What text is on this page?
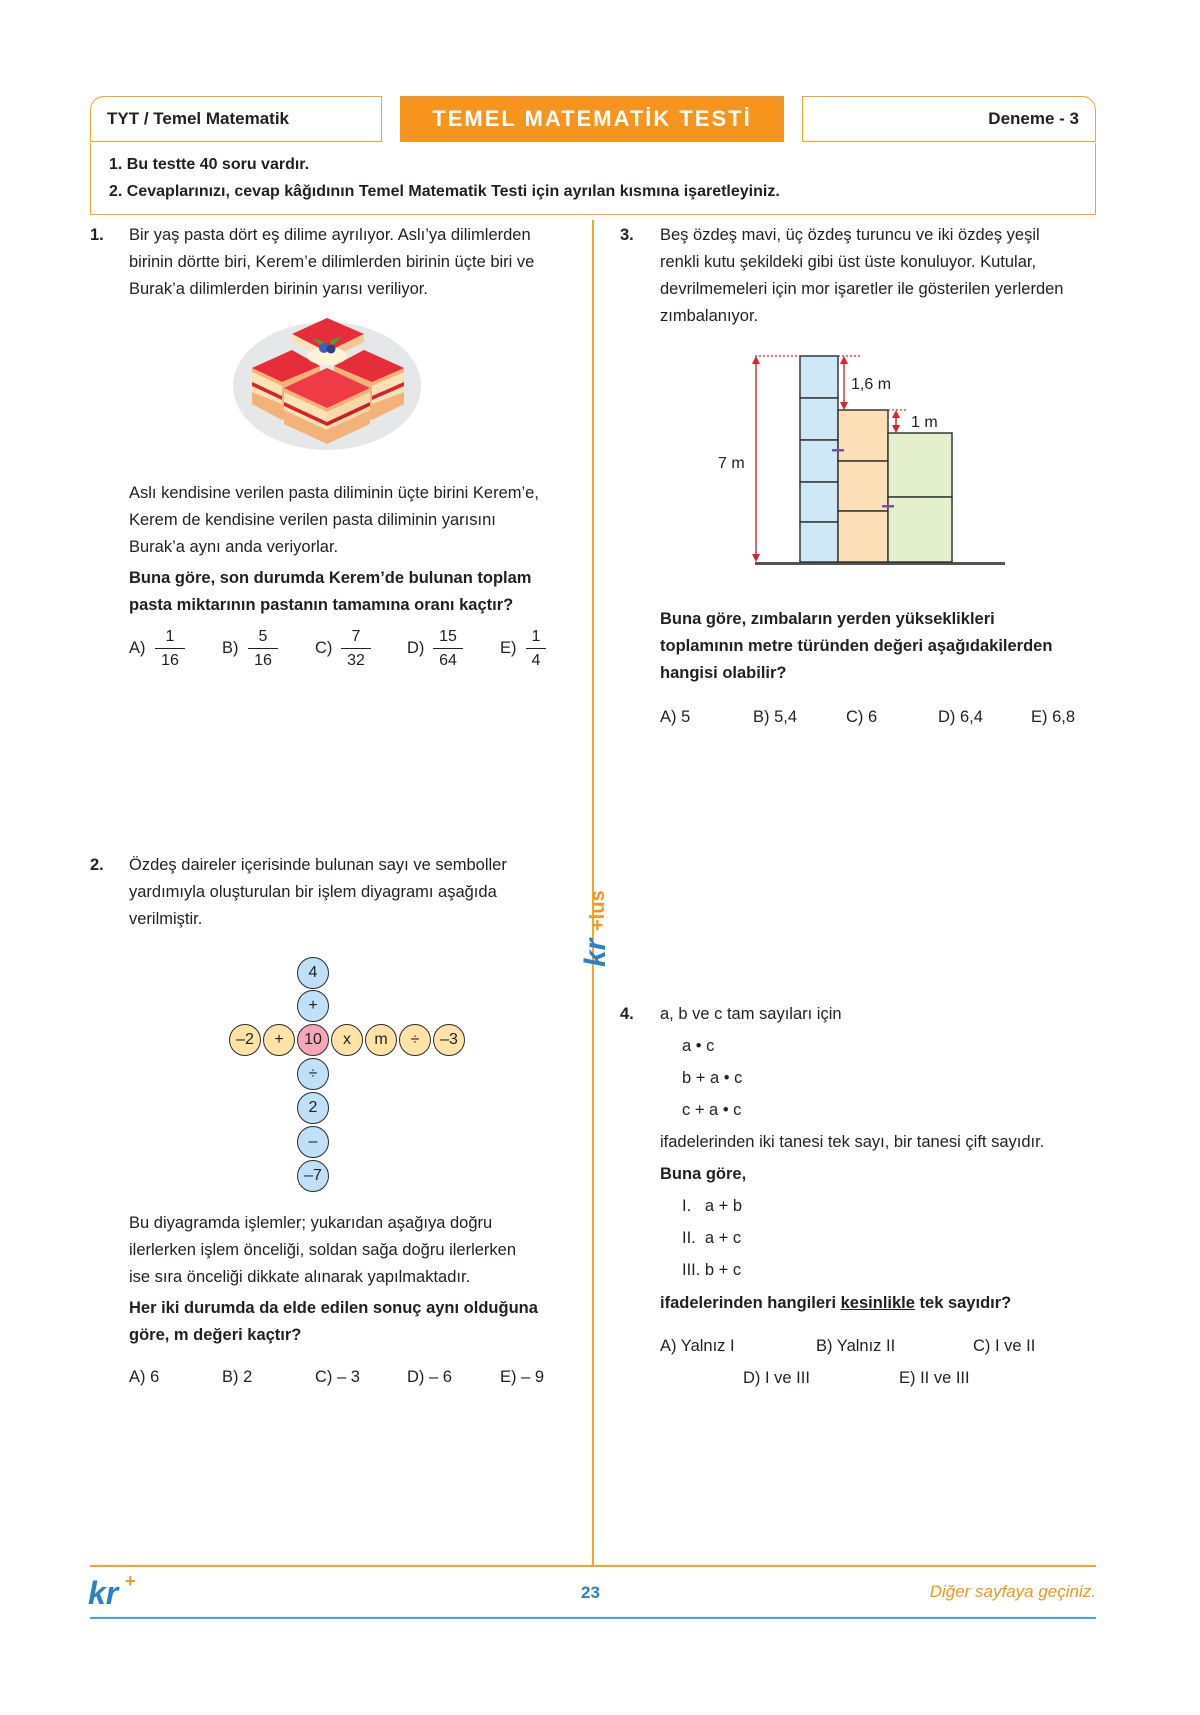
TYT / Temel Matematik	TEMEL MATEMATİK TESTİ	Deneme - 3
1. Bu testte 40 soru vardır.
2. Cevaplarınızı, cevap kâğıdının Temel Matematik Testi için ayrılan kısmına işaretleyiniz.
1. Bir yaş pasta dört eş dilime ayrılıyor. Aslı’ya dilimlerden
birinin dörtte biri, Kerem’e dilimlerden birinin üçte biri ve
Burak’a dilimlerden birinin yarısı veriliyor.
Aslı kendisine verilen pasta diliminin üçte birini Kerem’e,
Kerem de kendisine verilen pasta diliminin yarısını
Burak’a aynı anda veriyorlar.
Buna göre, son durumda Kerem’de bulunan toplam
pasta miktarının pastanın tamamına oranı kaçtır?
$A) \frac{1}{16} B) \frac{5}{16} C) \frac{7}{32} D) \frac{15}{64} E) \frac{1}{4}$
2. Özdeş daireler içerisinde bulunan sayı ve semboller
yardımıyla oluşturulan bir işlem diyagramı aşağıda
verilmiştir.
4
+
–2	+	10	x	m	÷	–3
÷
2
–
–7
Bu diyagramda işlemler; yukarıdan aşağıya doğru
ilerlerken işlem önceliği, soldan sağa doğru ilerlerken
ise sıra önceliği dikkate alınarak yapılmaktadır.
Her iki durumda da elde edilen sonuç aynı olduğuna
göre, m değeri kaçtır?
A) 6	B) 2	C) – 3	D) – 6	E) – 9
3. Beş özdeş mavi, üç özdeş turuncu ve iki özdeş yeşil
renkli kutu şekildeki gibi üst üste konuluyor. Kutular,
devrilmemeleri için mor işaretler ile gösterilen yerlerden
zımbalanıyor.
7 m
1,6 m
1 m
Buna göre, zımbaların yerden yükseklikleri
toplamının metre türünden değeri aşağıdakilerden
hangisi olabilir?
A) 5	B) 5,4	C) 6	D) 6,4	E) 6,8
kr
+lus
4. a, b ve c tam sayıları için
a • c
b + a • c
c + a • c
ifadelerinden iki tanesi tek sayı, bir tanesi çift sayıdır.
Buna göre,
I.   a + b
II.  a + c
III. b + c
ifadelerinden hangileri kesinlikle tek sayıdır?
A) Yalnız I	B) Yalnız II	C) I ve II
D) I ve III	E) II ve III
kr +
23	Diğer sayfaya geçiniz.
